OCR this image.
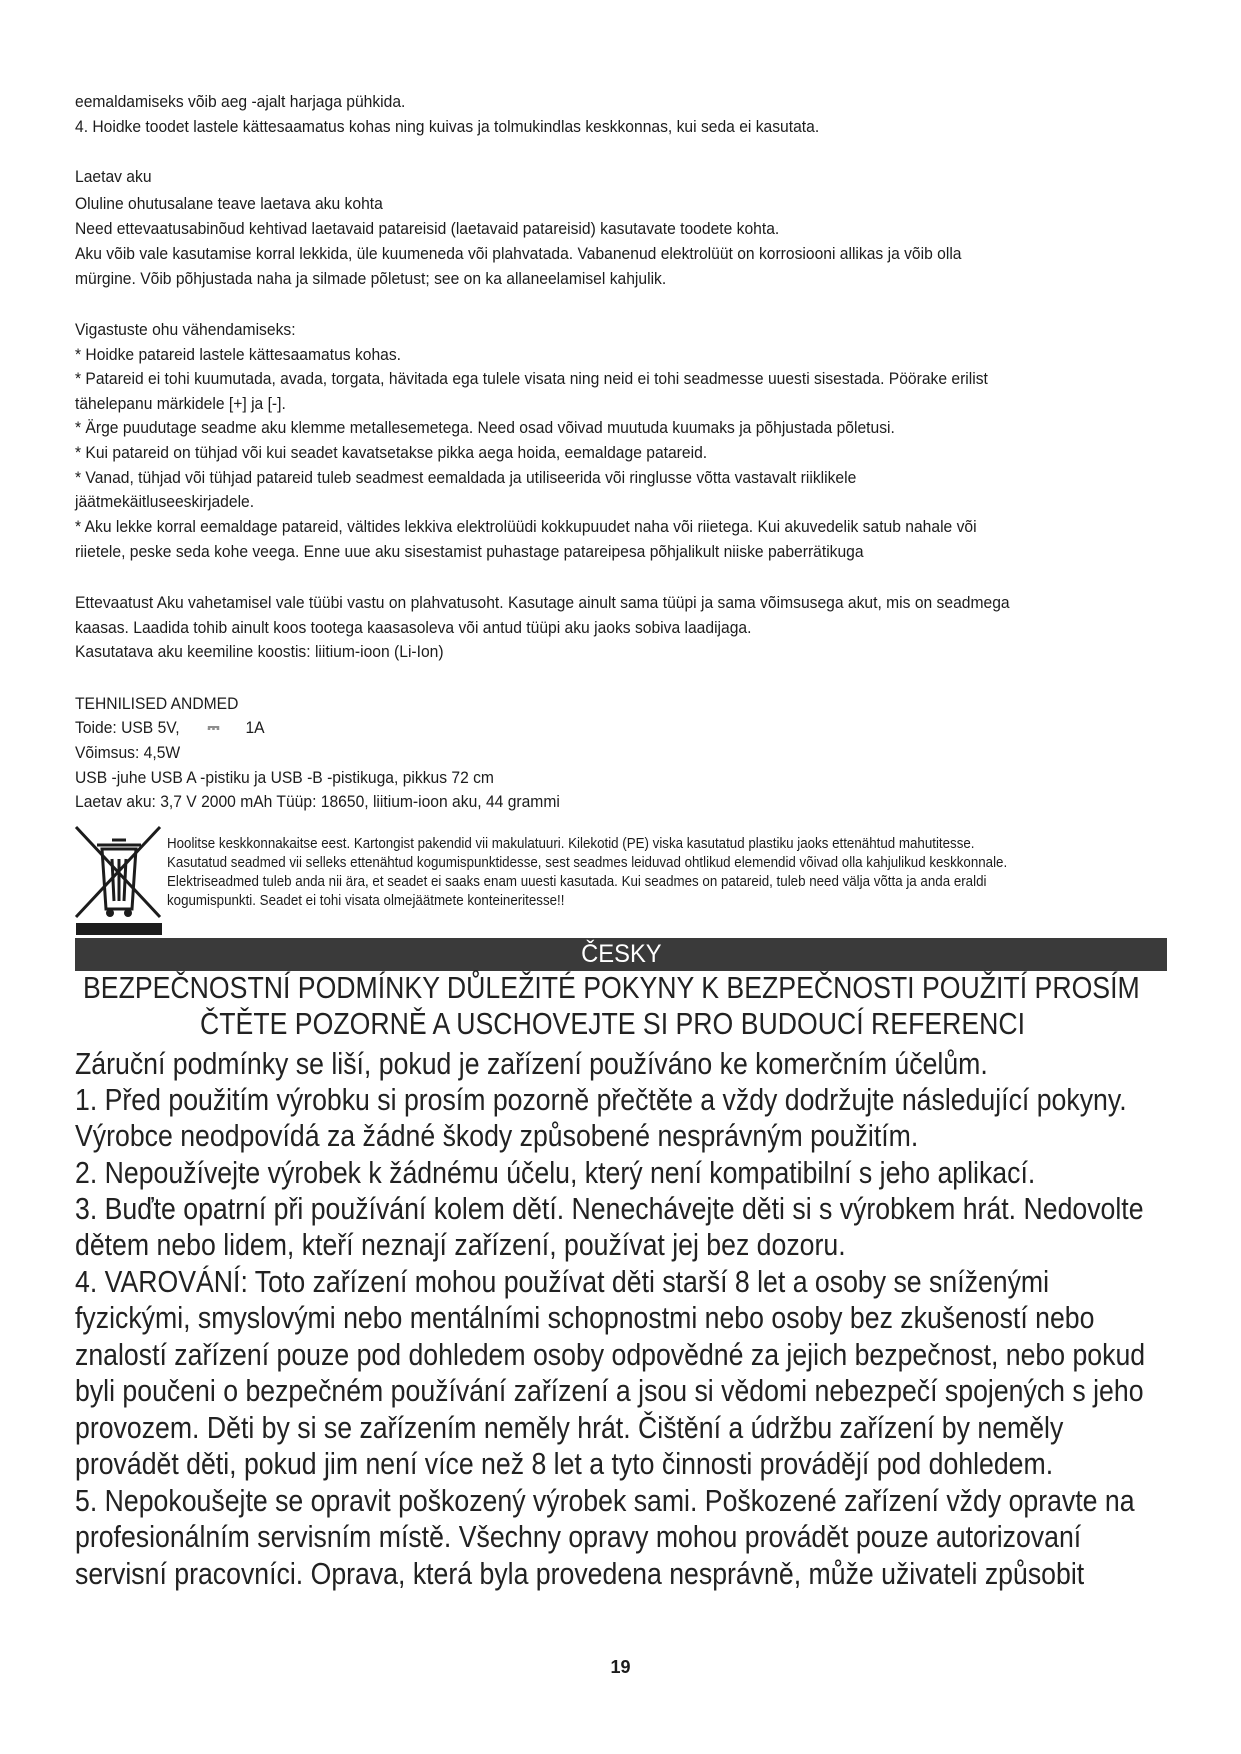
eemaldamiseks võib aeg -ajalt harjaga pühkida.

4. Hoidke toodet lastele kättesaamatus kohas ning kuivas ja tolmukindlas keskkonnas, kui seda ei kasutata.

Laetav aku

Oluline ohutusalane teave laetava aku kohta

Need ettevaatusabinõud kehtivad laetavaid patareisid (laetavaid patareisid) kasutavate toodete kohta.

Aku võib vale kasutamise korral lekkida, üle kuumeneda või plahvatada. Vabanenud elektrolüüt on korrosiooni allikas ja võib olla

mürgine. Võib põhjustada naha ja silmade põletust; see on ka allaneelamisel kahjulik.

Vigastuste ohu vähendamiseks:

* Hoidke patareid lastele kättesaamatus kohas.

* Patareid ei tohi kuumutada, avada, torgata, hävitada ega tulele visata ning neid ei tohi seadmesse uuesti sisestada. Pöörake erilist

tähelepanu märkidele [+] ja [-].

* Ärge puudutage seadme aku klemme metallesemetega. Need osad võivad muutuda kuumaks ja põhjustada põletusi.

* Kui patareid on tühjad või kui seadet kavatsetakse pikka aega hoida, eemaldage patareid.

* Vanad, tühjad või tühjad patareid tuleb seadmest eemaldada ja utiliseerida või ringlusse võtta vastavalt riiklikele

jäätmekäitluseeskirjadele.

* Aku lekke korral eemaldage patareid, vältides lekkiva elektrolüüdi kokkupuudet naha või riietega. Kui akuvedelik satub nahale või

riietele, peske seda kohe veega. Enne uue aku sisestamist puhastage patareipesa põhjalikult niiske paberrätikuga

Ettevaatust Aku vahetamisel vale tüübi vastu on plahvatusoht. Kasutage ainult sama tüüpi ja sama võimsusega akut, mis on seadmega

kaasas. Laadida tohib ainult koos tootega kaasasoleva või antud tüüpi aku jaoks sobiva laadijaga.

Kasutatava aku keemiline koostis: liitium-ioon (Li-Ion)

TEHNILISED ANDMED

Toide: USB 5V, ⎓ 1A

Võimsus: 4,5W

USB -juhe USB A -pistiku ja USB -B -pistikuga, pikkus 72 cm

Laetav aku: 3,7 V 2000 mAh Tüüp: 18650, liitium-ioon aku, 44 grammi

Hoolitse keskkonnakaitse eest. Kartongist pakendid vii makulatuuri. Kilekotid (PE) viska kasutatud plastiku jaoks ettenähtud mahutitesse.

Kasutatud seadmed vii selleks ettenähtud kogumispunktidesse, sest seadmes leiduvad ohtlikud elemendid võivad olla kahjulikud keskkonnale.

Elektriseadmed tuleb anda nii ära, et seadet ei saaks enam uuesti kasutada. Kui seadmes on patareid, tuleb need välja võtta ja anda eraldi

kogumispunkti. Seadet ei tohi visata olmejäätmete konteineritesse!!

ČESKY

BEZPEČNOSTNÍ PODMÍNKY DŮLEŽITÉ POKYNY K BEZPEČNOSTI POUŽITÍ PROSÍM

ČTĚTE POZORNĚ A USCHOVEJTE SI PRO BUDOUCÍ REFERENCI

Záruční podmínky se liší, pokud je zařízení používáno ke komerčním účelům.

1. Před použitím výrobku si prosím pozorně přečtěte a vždy dodržujte následující pokyny.

Výrobce neodpovídá za žádné škody způsobené nesprávným použitím.

2. Nepoužívejte výrobek k žádnému účelu, který není kompatibilní s jeho aplikací.

3. Buďte opatrní při používání kolem dětí. Nenechávejte děti si s výrobkem hrát. Nedovolte

dětem nebo lidem, kteří neznají zařízení, používat jej bez dozoru.

4. VAROVÁNÍ: Toto zařízení mohou používat děti starší 8 let a osoby se sníženými

fyzickými, smyslovými nebo mentálními schopnostmi nebo osoby bez zkušeností nebo

znalostí zařízení pouze pod dohledem osoby odpovědné za jejich bezpečnost, nebo pokud

byli poučeni o bezpečném používání zařízení a jsou si vědomi nebezpečí spojených s jeho

provozem. Děti by si se zařízením neměly hrát. Čištění a údržbu zařízení by neměly

provádět děti, pokud jim není více než 8 let a tyto činnosti provádějí pod dohledem.

5. Nepokoušejte se opravit poškozený výrobek sami. Poškozené zařízení vždy opravte na

profesionálním servisním místě. Všechny opravy mohou provádět pouze autorizovaní

servisní pracovníci. Oprava, která byla provedena nesprávně, může uživateli způsobit

19
